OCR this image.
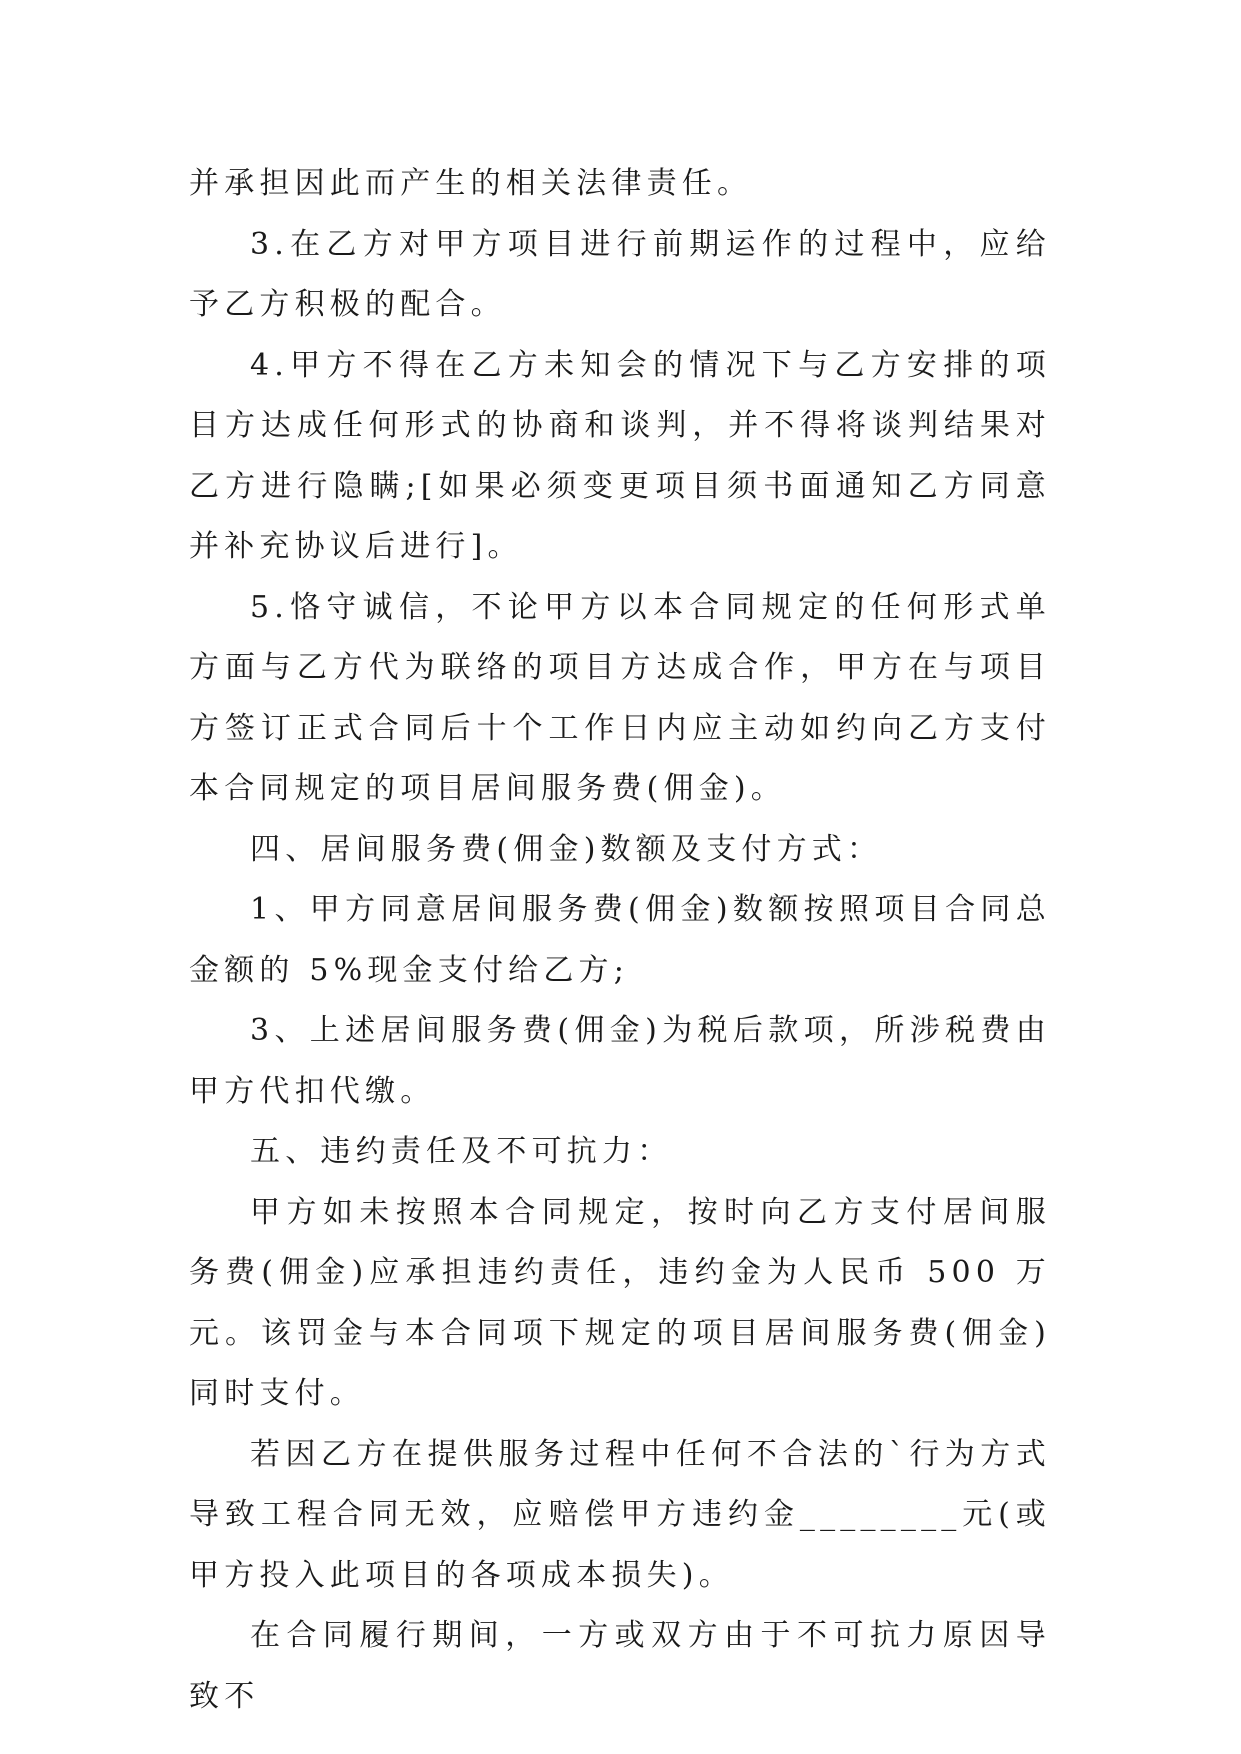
并承担因此而产生的相关法律责任。

3.在乙方对甲方项目进行前期运作的过程中，应给予乙方积极的配合。

4.甲方不得在乙方未知会的情况下与乙方安排的项目方达成任何形式的协商和谈判，并不得将谈判结果对乙方进行隐瞒;[如果必须变更项目须书面通知乙方同意并补充协议后进行]。

5.恪守诚信，不论甲方以本合同规定的任何形式单方面与乙方代为联络的项目方达成合作，甲方在与项目方签订正式合同后十个工作日内应主动如约向乙方支付本合同规定的项目居间服务费(佣金)。

四、居间服务费(佣金)数额及支付方式：

1、甲方同意居间服务费(佣金)数额按照项目合同总金额的 5%现金支付给乙方;

3、上述居间服务费(佣金)为税后款项，所涉税费由甲方代扣代缴。

五、违约责任及不可抗力：

甲方如未按照本合同规定，按时向乙方支付居间服务费(佣金)应承担违约责任，违约金为人民币 500 万元。该罚金与本合同项下规定的项目居间服务费(佣金)同时支付。

若因乙方在提供服务过程中任何不合法的`行为方式导致工程合同无效，应赔偿甲方违约金________元(或甲方投入此项目的各项成本损失)。

在合同履行期间，一方或双方由于不可抗力原因导致不
